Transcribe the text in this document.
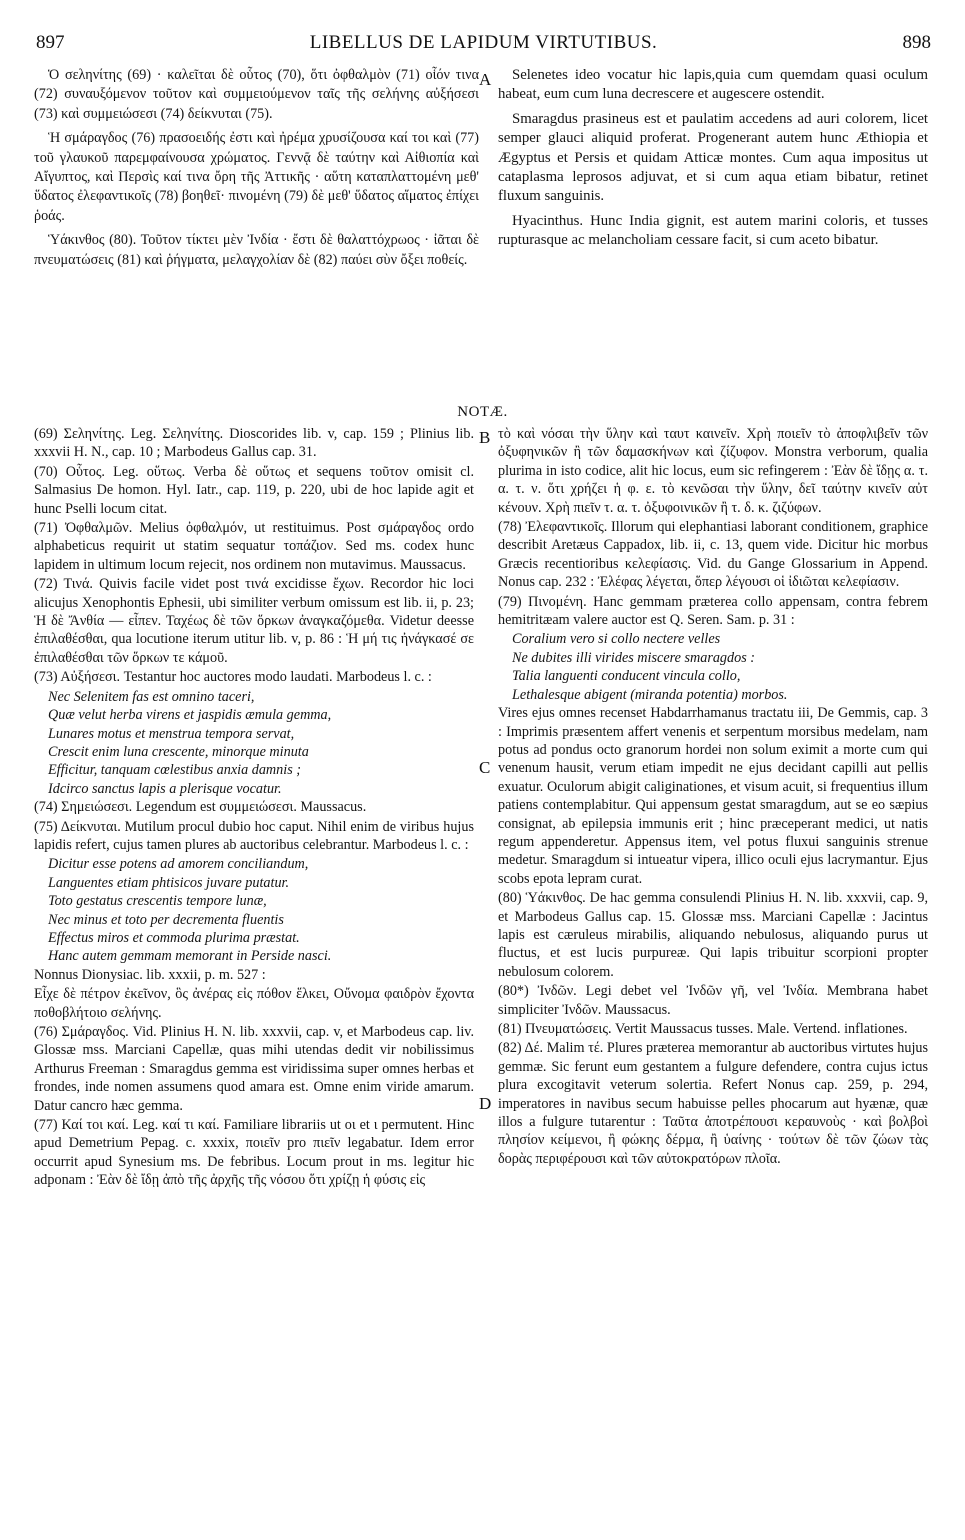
897	LIBELLUS DE LAPIDUM VIRTUTIBUS.	898

Ὁ σεληνίτης (69) · καλεῖται δὲ οὗτος (70), ὅτι ὀφθαλμὸν (71) οἷόν τινα (72) συναυξόμενον τοῦτον καὶ συμμειούμενον ταῖς τῆς σελήνης αὐξήσεσι (73) καὶ συμμειώσεσι (74) δείκνυται (75).

Ἡ σμάραγδος (76) πρασοειδής ἐστι καὶ ἠρέμα χρυσίζουσα καί τοι καὶ (77) τοῦ γλαυκοῦ παρεμφαίνουσα χρώματος. Γεννᾷ δὲ ταύτην καὶ Αἰθιοπία καὶ Αἴγυπτος, καὶ Περσὶς καί τινα ὄρη τῆς Ἀττικῆς · αὕτη καταπλαττομένη μεθ' ὕδατος ἐλεφαντικοῖς (78) βοηθεῖ· πινομένη (79) δὲ μεθ' ὕδατος αἵματος ἐπίχει ῥοάς.

Ὑάκινθος (80). Τοῦτον τίκτει μὲν Ἰνδία · ἔστι δὲ θαλαττόχρωος · ἰᾶται δὲ πνευματώσεις (81) καὶ ῥήγματα, μελαγχολίαν δὲ (82) παύει σὺν ὄξει ποθείς.

Selenetes ideo vocatur hic lapis,quia cum quemdam quasi oculum habeat, eum cum luna decrescere et augescere ostendit.

Smaragdus prasineus est et paulatim accedens ad auri colorem, licet semper glauci aliquid proferat. Progenerant autem hunc Æthiopia et Ægyptus et Persis et quidam Atticæ montes. Cum aqua impositus ut cataplasma leprosos adjuvat, et si cum aqua etiam bibatur, retinet fluxum sanguinis.

Hyacinthus. Hunc India gignit, est autem marini coloris, et tusses rupturasque ac melancholiam cessare facit, si cum aceto bibatur.

A
B
C
D
NOTÆ.

(69) Σεληνίτης. Leg. Σεληνίτης. Dioscorides lib. v, cap. 159 ; Plinius lib. xxxvii H. N., cap. 10 ; Marbodeus Gallus cap. 31.

(70) Οὗτος. Leg. οὕτως. Verba δὲ οὕτως et sequens τοῦτον omisit cl. Salmasius De homon. Hyl. Iatr., cap. 119, p. 220, ubi de hoc lapide agit et hunc Pselli locum citat.

(71) Ὀφθαλμῶν. Melius ὀφθαλμόν, ut restituimus. Post σμάραγδος ordo alphabeticus requirit ut statim sequatur τοπάζιον. Sed ms. codex hunc lapidem in ultimum locum rejecit, nos ordinem non mutavimus. Maussacus.

(72) Τινά. Quivis facile videt post τινά excidisse ἔχων. Recordor hic loci alicujus Xenophontis Ephesii, ubi similiter verbum omissum est lib. ii, p. 23; Ἡ δὲ Ἄνθία — εἶπεν. Ταχέως δὲ τῶν ὅρκων ἀναγκαζόμεθα. Videtur deesse ἐπιλαθέσθαι, qua locutione iterum utitur lib. v, p. 86 : Ἡ μή τις ἠνάγκασέ σε ἐπιλαθέσθαι τῶν ὅρκων τε κάμοῦ.

(73) Αὐξήσεσι. Testantur hoc auctores modo laudati. Marbodeus l. c. :

Nec Selenitem fas est omnino taceri,

Quæ velut herba virens et jaspidis æmula gemma,

Lunares motus et menstrua tempora servat,

Crescit enim luna crescente, minorque minuta

Efficitur, tanquam cœlestibus anxia damnis ;

Idcirco sanctus lapis a plerisque vocatur.

(74) Σημειώσεσι. Legendum est συμμειώσεσι. Maussacus.

(75) Δείκνυται. Mutilum procul dubio hoc caput. Nihil enim de viribus hujus lapidis refert, cujus tamen plures ab auctoribus celebrantur. Marbodeus l. c. :

Dicitur esse potens ad amorem conciliandum,

Languentes etiam phtisicos juvare putatur.

Toto gestatus crescentis tempore lunæ,

Nec minus et toto per decrementa fluentis

Effectus miros et commoda plurima præstat.

Hanc autem gemmam memorant in Perside nasci.

Nonnus Dionysiac. lib. xxxii, p. m. 527 :

Εἶχε δὲ πέτρον ἐκεῖνον, ὃς ἀνέρας εἰς πόθον ἕλκει, Οὔνομα φαιδρὸν ἔχοντα ποθοβλήτοιο σελήνης.

(76) Σμάραγδος. Vid. Plinius H. N. lib. xxxvii, cap. v, et Marbodeus cap. liv. Glossæ mss. Marciani Capellæ, quas mihi utendas dedit vir nobilissimus Arthurus Freeman : Smaragdus gemma est viridissima super omnes herbas et frondes, inde nomen assumens quod amara est. Omne enim viride amarum. Datur cancro hæc gemma.

(77) Καί τοι καί. Leg. καί τι καί. Familiare librariis ut οι et ι permutent. Hinc apud Demetrium Pepag. c. xxxix, ποιεῖν pro πιεῖν legabatur. Idem error occurrit apud Synesium ms. De febribus. Locum prout in ms. legitur hic adponam : Ἐὰν δὲ ἴδῃ ἀπὸ τῆς ἀρχῆς τῆς νόσου ὅτι χρίζῃ ἡ φύσις εἰς

τὸ καὶ νόσαι τὴν ὕλην καὶ ταυτ καινεῖν. Χρὴ ποιεῖν τὸ ἀποφλιβεῖν τῶν ὀξυφηνικῶν ἢ τῶν δαμασκήνων καὶ ζίζυφον. Monstra verborum, qualia plurima in isto codice, alit hic locus, eum sic refingerem : Ἐὰν δὲ ἴδῃς α. τ. α. τ. ν. ὅτι χρήζει ἡ φ. ε. τὸ κενῶσαι τὴν ὕλην, δεῖ ταύτην κινεῖν αὐτ κένουν. Χρὴ πιεῖν τ. α. τ. ὀξυφοινικῶν ἢ τ. δ. κ. ζιζύφων.

(78) Ἐλεφαντικοῖς. Illorum qui elephantiasi laborant conditionem, graphice describit Aretæus Cappadox, lib. ii, c. 13, quem vide. Dicitur hic morbus Græcis recentioribus κελεφίασις. Vid. du Gange Glossarium in Append. Nonus cap. 232 : Ἐλέφας λέγεται, ὅπερ λέγουσι οἱ ἰδιῶται κελεφίασιν.

(79) Πινομένη. Hanc gemmam præterea collo appensam, contra febrem hemitritæam valere auctor est Q. Seren. Sam. p. 31 :

Coralium vero si collo nectere velles

Ne dubites illi virides miscere smaragdos :

Talia languenti conducent vincula collo,

Lethalesque abigent (miranda potentia) morbos.

Vires ejus omnes recenset Habdarrhamanus tractatu iii, De Gemmis, cap. 3 : Imprimis præsentem affert venenis et serpentum morsibus medelam, nam potus ad pondus octo granorum hordei non solum eximit a morte cum qui venenum hausit, verum etiam impedit ne ejus decidant capilli aut pellis exuatur. Oculorum abigit caliginationes, et visum acuit, si frequentius illum patiens contemplabitur. Qui appensum gestat smaragdum, aut se eo sæpius consignat, ab epilepsia immunis erit ; hinc præceperant medici, ut natis regum appenderetur. Appensus item, vel potus fluxui sanguinis strenue medetur. Smaragdum si intueatur vipera, illico oculi ejus lacrymantur. Ejus scobs epota lepram curat.

(80) Ὑάκινθος. De hac gemma consulendi Plinius H. N. lib. xxxvii, cap. 9, et Marbodeus Gallus cap. 15. Glossæ mss. Marciani Capellæ : Jacintus lapis est cæruleus mirabilis, aliquando nebulosus, aliquando purus ut fluctus, et est lucis purpureæ. Qui lapis tribuitur scorpioni propter nebulosum colorem.

(80*) Ἰνδῶν. Legi debet vel Ἰνδῶν γῆ, vel Ἰνδία. Membrana habet simpliciter Ἰνδῶν. Maussacus.

(81) Πνευματώσεις. Vertit Maussacus tusses. Male. Vertend. inflationes.

(82) Δέ. Malim τέ. Plures præterea memorantur ab auctoribus virtutes hujus gemmæ. Sic ferunt eum gestantem a fulgure defendere, contra cujus ictus plura excogitavit veterum solertia. Refert Nonus cap. 259, p. 294, imperatores in navibus secum habuisse pelles phocarum aut hyænæ, quæ illos a fulgure tutarentur : Ταῦτα ἀποτρέπουσι κεραυνοὺς · καὶ βολβοὶ πλησίον κείμενοι, ἢ φώκης δέρμα, ἢ ὑαίνης · τούτων δὲ τῶν ζώων τὰς δορὰς περιφέρουσι καὶ τῶν αὐτοκρατόρων πλοῖα.
